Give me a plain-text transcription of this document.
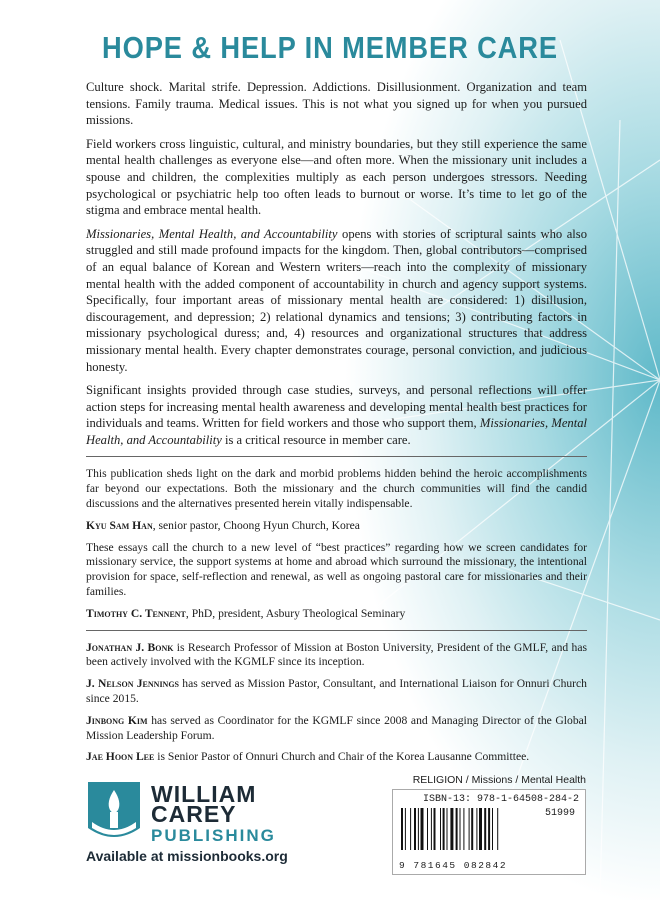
HOPE & HELP IN MEMBER CARE

Culture shock. Marital strife. Depression. Addictions. Disillusionment. Organization and team tensions. Family trauma. Medical issues. This is not what you signed up for when you pursued missions.

Field workers cross linguistic, cultural, and ministry boundaries, but they still experience the same mental health challenges as everyone else—and often more. When the missionary unit includes a spouse and children, the complexities multiply as each person undergoes stressors. Needing psychological or psychiatric help too often leads to burnout or worse. It’s time to let go of the stigma and embrace mental health.

Missionaries, Mental Health, and Accountability opens with stories of scriptural saints who also struggled and still made profound impacts for the kingdom. Then, global contributors—comprised of an equal balance of Korean and Western writers—reach into the complexity of missionary mental health with the added component of accountability in church and agency support systems. Specifically, four important areas of missionary mental health are considered: 1) disillusion, discouragement, and depression; 2) relational dynamics and tensions; 3) contributing factors in missionary psychological duress; and, 4) resources and organizational structures that address missionary mental health. Every chapter demonstrates courage, personal conviction, and judicious honesty.

Significant insights provided through case studies, surveys, and personal reflections will offer action steps for increasing mental health awareness and developing mental health best practices for individuals and teams. Written for field workers and those who support them, Missionaries, Mental Health, and Accountability is a critical resource in member care.

This publication sheds light on the dark and morbid problems hidden behind the heroic accomplishments far beyond our expectations. Both the missionary and the church communities will find the candid discussions and the alternatives presented herein vitally indispensable.

Kyu Sam Han, senior pastor, Choong Hyun Church, Korea

These essays call the church to a new level of “best practices” regarding how we screen candidates for missionary service, the support systems at home and abroad which surround the missionary, the intentional provision for space, self-reflection and renewal, as well as ongoing pastoral care for missionaries and their families.

Timothy C. Tennent, PhD, president, Asbury Theological Seminary

Jonathan J. Bonk is Research Professor of Mission at Boston University, President of the GMLF, and has been actively involved with the KGMLF since its inception.

J. Nelson Jennings has served as Mission Pastor, Consultant, and International Liaison for Onnuri Church since 2015.

Jinbong Kim has served as Coordinator for the KGMLF since 2008 and Managing Director of the Global Mission Leadership Forum.

Jae Hoon Lee is Senior Pastor of Onnuri Church and Chair of the Korea Lausanne Committee.

WILLIAM
CAREY
PUBLISHING
Available at missionbooks.org
RELIGION / Missions / Mental Health
ISBN-13: 978-1-64508-284-2
51999
9 781645 082842
